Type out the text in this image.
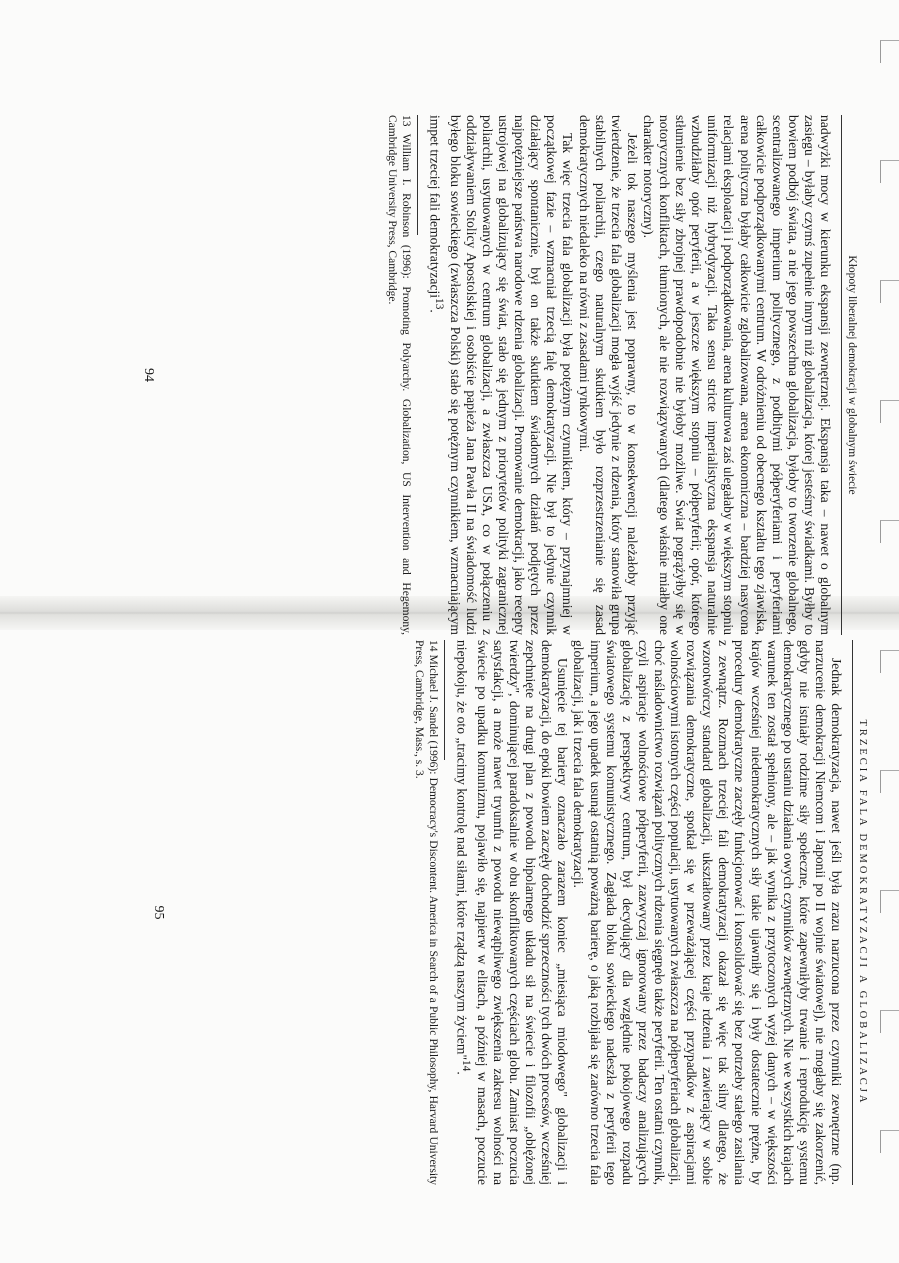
Kłopoty liberalnej demokracji w globalnym świecie

nadwyżki mocy w kierunku ekspansji zewnętrznej. Ekspansja taka – nawet o globalnym zasięgu – byłaby czymś zupełnie innym niż globalizacja, której jesteśmy świadkami. Byłby to bowiem podbój świata, a nie jego powszechna globalizacja, byłoby to tworzenie globalnego, scentralizowanego imperium politycznego, z podbitymi półperyferiami i peryferiami całkowicie podporządkowanymi centrum. W odróżnieniu od obecnego kształtu tego zjawiska, arena polityczna byłaby całkowicie zglobalizowana, arena ekonomiczna – bardziej nasycona relacjami eksploatacji i podporządkowania, arena kulturowa zaś ulegałaby w większym stopniu uniformizacji niż hybrydyzacji. Taka sensu stricte imperialistyczna ekspansja naturalnie wzbudziłaby opór peryferii, a w jeszcze większym stopniu – półperyferii; opór, którego stłumienie bez siły zbrojnej prawdopodobnie nie byłoby możliwe. Świat pogrążyłby się w notorycznych konfliktach, tłumionych, ale nie rozwiązywanych (dlatego właśnie miałby one charakter notoryczny).

Jeżeli tok naszego myślenia jest poprawny, to w konsekwencji należałoby przyjąć twierdzenie, że trzecia fala globalizacji mogła wyjść jedynie z rdzenia, który stanowiła grupa stabilnych poliarchii, czego naturalnym skutkiem było rozprzestrzenianie się zasad demokratycznych niedaleko na równi z zasadami rynkowymi.

Tak więc trzecia fala globalizacji była potężnym czynnikiem, który – przynajmniej w początkowej fazie – wzmacniał trzecią falę demokratyzacji. Nie był to jedynie czynnik działający spontanicznie, był on także skutkiem świadomych działań podjętych przez najpotężniejsze państwa narodowe rdzenia globalizacji. Promowanie demokracji, jako recepty ustrojowej na globalizujący się świat, stało się jednym z priorytetów polityki zagranicznej poliarchii, usytuowanych w centrum globalizacji, a zwłaszcza USA, co w połączeniu z oddziaływaniem Stolicy Apostolskiej i osobiście papieża Jana Pawła II na świadomość ludzi byłego bloku sowieckiego (zwłaszcza Polski) stało się potężnym czynnikiem, wzmacniającym impet trzeciej fali demokratyzacji$^{13}$.

13 William I. Robinson (1996): Promoting Polyarchy. Globalization, US Intervention and Hegemony, Cambridge University Press, Cambridge.
94
TRZECIA FALA DEMOKRATYZACJI A GLOBALIZACJA

Jednak demokratyzacja, nawet jeśli była zrazu narzucona przez czynniki zewnętrzne (np. narzucenie demokracji Niemcom i Japonii po II wojnie światowej), nie mogłaby się zakorzenić, gdyby nie istniały rodzime siły społeczne, które zapewniłyby trwanie i reprodukcję systemu demokratycznego po ustaniu działania owych czynników zewnętrznych. Nie we wszystkich krajach warunek ten został spełniony, ale – jak wynika z przytoczonych wyżej danych – w większości krajów wcześniej niedemokratycznych siły takie ujawniły się i były dostatecznie prężne, by procedury demokratyczne zaczęły funkcjonować i konsolidować się bez potrzeby stałego zasilania z zewnątrz. Rozmach trzeciej fali demokratyzacji okazał się więc tak silny dlatego, że wzorotwórczy standard globalizacji, ukształtowany przez kraje rdzenia i zawierający w sobie rozwiązania demokratyczne, spotkał się w przeważającej części przypadków z aspiracjami wolnościowymi istotnych części populacji, usytuowanych zwłaszcza na półperyferiach globalizacji, choć naśladownictwo rozwiązań politycznych rdzenia sięgnęło także peryferii. Ten ostatni czynnik, czyli aspiracje wolnościowe półperyferii, zazwyczaj ignorowany przez badaczy analizujących globalizację z perspektywy centrum, był decydujący dla względnie pokojowego rozpadu światowego systemu komunistycznego. Zagłada bloku sowieckiego nadeszła z peryferii tego imperium, a jego upadek usunął ostatnią poważną barierę, o jaką rozbijała się zarówno trzecia fala globalizacji, jak i trzecia fala demokratyzacji.

Usunięcie tej bariery oznaczało zarazem koniec „miesiąca miodowego" globalizacji i demokratyzacji, do epoki bowiem zaczęły dochodzić sprzeczności tych dwóch procesów, wcześniej zepchnięte na drugi plan z powodu bipolarnego układu sił na świecie i filozofii „oblężonej twierdzy", dominującej paradoksalnie w obu skonfliktowanych częściach globu. Zamiast poczucia satysfakcji, a może nawet tryumfu z powodu niewątpliwego zwiększenia zakresu wolności na świecie po upadku komunizmu, pojawiło się, najpierw w elitach, a później w masach, poczucie niepokoju, że oto „tracimy kontrolę nad siłami, które rządzą naszym życiem"$^{14}$.

14 Michael J. Sandel (1996): Democracy's Discontent. America in Search of a Public Philosophy, Harvard University Press, Cambridge, Mass., s. 3.
95
